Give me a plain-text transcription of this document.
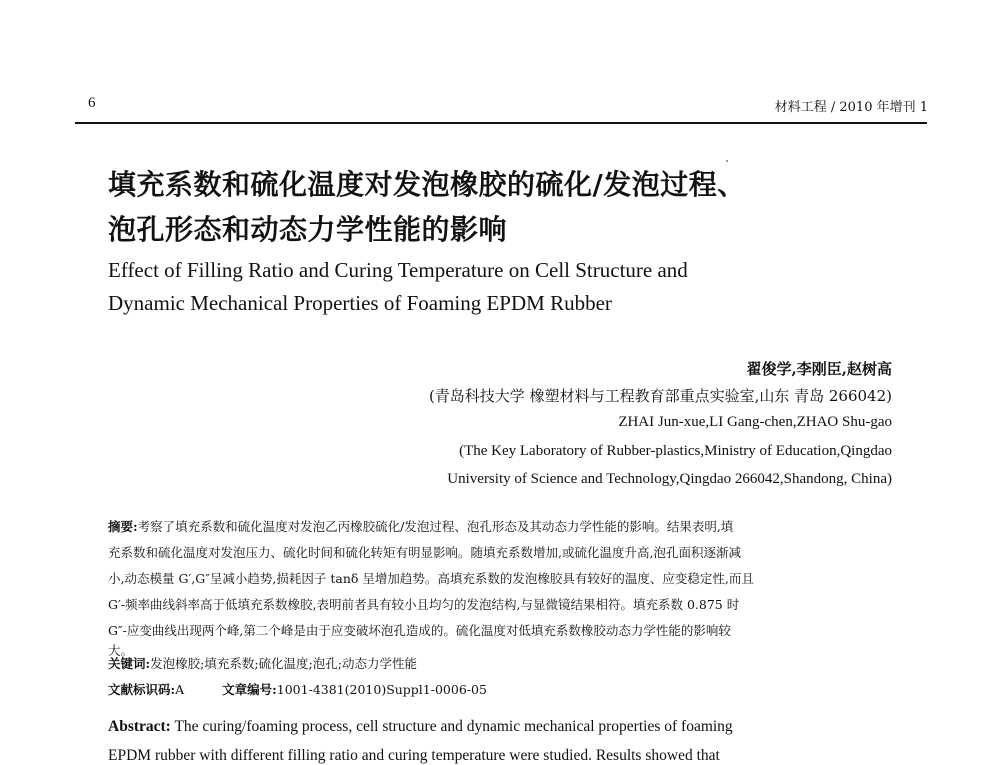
6	材料工程 / 2010 年增刊 1
填充系数和硫化温度对发泡橡胶的硫化/发泡过程、
泡孔形态和动态力学性能的影响
Effect of Filling Ratio and Curing Temperature on Cell Structure and
Dynamic Mechanical Properties of Foaming EPDM Rubber
翟俊学,李刚臣,赵树高
(青岛科技大学 橡塑材料与工程教育部重点实验室,山东 青岛 266042)
ZHAI Jun-xue,LI Gang-chen,ZHAO Shu-gao
(The Key Laboratory of Rubber-plastics,Ministry of Education,Qingdao
University of Science and Technology,Qingdao 266042,Shandong, China)
摘要:考察了填充系数和硫化温度对发泡乙丙橡胶硫化/发泡过程、泡孔形态及其动态力学性能的影响。结果表明,填
充系数和硫化温度对发泡压力、硫化时间和硫化转矩有明显影响。随填充系数增加,或硫化温度升高,泡孔面积逐渐减
小,动态模量 G′,G″呈减小趋势,损耗因子 tanδ 呈增加趋势。高填充系数的发泡橡胶具有较好的温度、应变稳定性,而且
G′-频率曲线斜率高于低填充系数橡胶,表明前者具有较小且均匀的发泡结构,与显微镜结果相符。填充系数 0.875 时
G″-应变曲线出现两个峰,第二个峰是由于应变破坏泡孔造成的。硫化温度对低填充系数橡胶动态力学性能的影响较
大。
关键词:发泡橡胶;填充系数;硫化温度;泡孔;动态力学性能
文献标识码:A	文章编号:1001-4381(2010)Suppl1-0006-05
Abstract: The curing/foaming process, cell structure and dynamic mechanical properties of foaming
EPDM rubber with different filling ratio and curing temperature were studied. Results showed that
